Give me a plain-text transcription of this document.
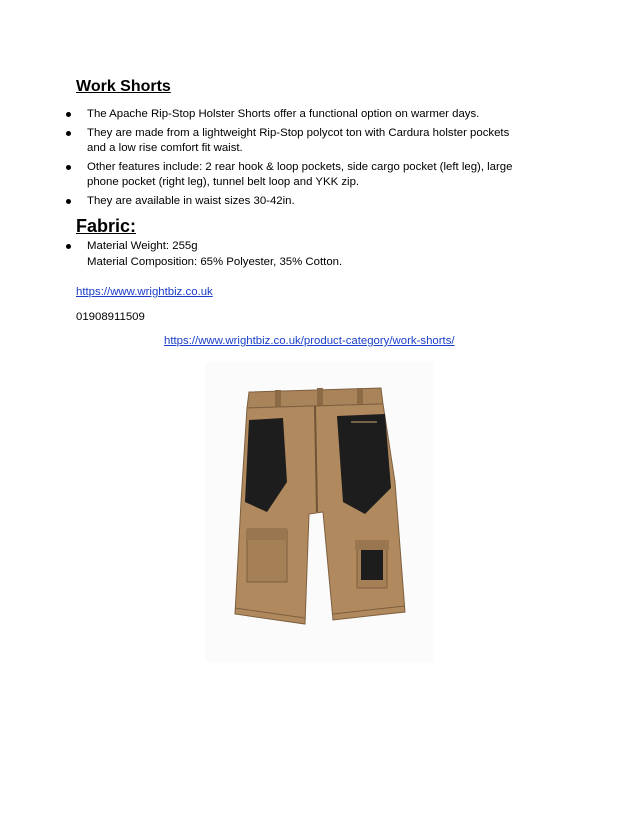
Work Shorts
The Apache Rip-Stop Holster Shorts offer a functional option on warmer days.
They are made from a lightweight Rip-Stop polycot ton with Cardura holster pockets
and a low rise comfort fit waist.
Other features include: 2 rear hook & loop pockets, side cargo pocket (left leg), large
phone pocket (right leg), tunnel belt loop and YKK zip.
They are available in waist sizes 30-42in.
Fabric:
Material Weight: 255g
Material Composition: 65% Polyester, 35% Cotton.
https://www.wrightbiz.co.uk
01908911509
https://www.wrightbiz.co.uk/product-category/work-shorts/
